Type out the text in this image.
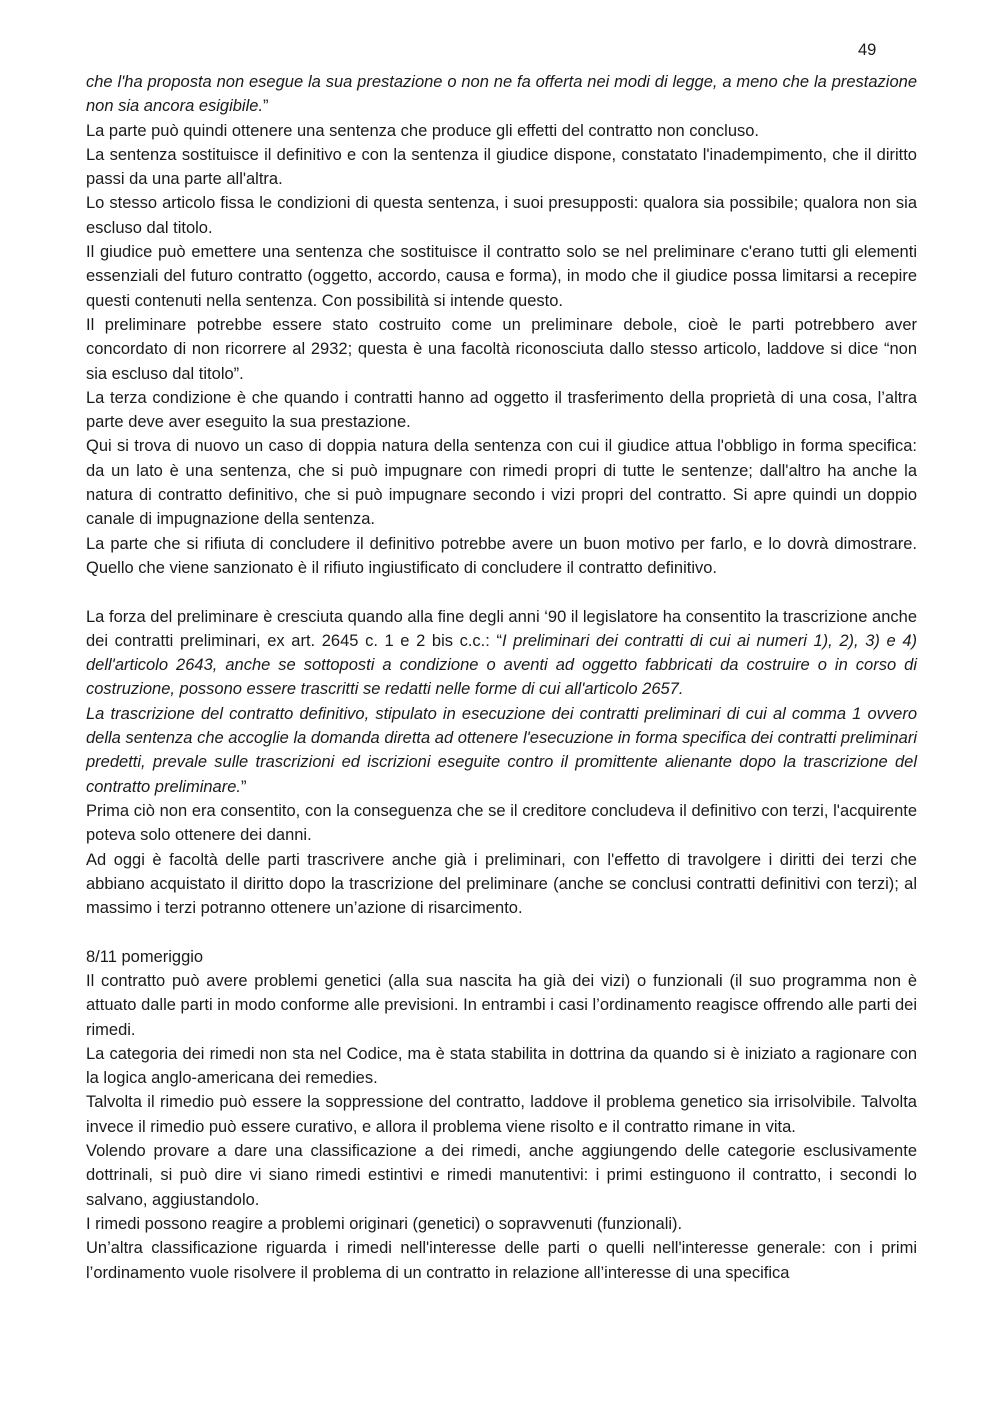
49

che l'ha proposta non esegue la sua prestazione o non ne fa offerta nei modi di legge, a meno che la prestazione non sia ancora esigibile.”

La parte può quindi ottenere una sentenza che produce gli effetti del contratto non concluso.

La sentenza sostituisce il definitivo e con la sentenza il giudice dispone, constatato l'inadempimento, che il diritto passi da una parte all'altra.

Lo stesso articolo fissa le condizioni di questa sentenza, i suoi presupposti: qualora sia possibile; qualora non sia escluso dal titolo.

Il giudice può emettere una sentenza che sostituisce il contratto solo se nel preliminare c'erano tutti gli elementi essenziali del futuro contratto (oggetto, accordo, causa e forma), in modo che il giudice possa limitarsi a recepire questi contenuti nella sentenza. Con possibilità si intende questo.

Il preliminare potrebbe essere stato costruito come un preliminare debole, cioè le parti potrebbero aver concordato di non ricorrere al 2932; questa è una facoltà riconosciuta dallo stesso articolo, laddove si dice “non sia escluso dal titolo”.

La terza condizione è che quando i contratti hanno ad oggetto il trasferimento della proprietà di una cosa, l’altra parte deve aver eseguito la sua prestazione.

Qui si trova di nuovo un caso di doppia natura della sentenza con cui il giudice attua l'obbligo in forma specifica: da un lato è una sentenza, che si può impugnare con rimedi propri di tutte le sentenze; dall'altro ha anche la natura di contratto definitivo, che si può impugnare secondo i vizi propri del contratto. Si apre quindi un doppio canale di impugnazione della sentenza.

La parte che si rifiuta di concludere il definitivo potrebbe avere un buon motivo per farlo, e lo dovrà dimostrare. Quello che viene sanzionato è il rifiuto ingiustificato di concludere il contratto definitivo.

La forza del preliminare è cresciuta quando alla fine degli anni ‘90 il legislatore ha consentito la trascrizione anche dei contratti preliminari, ex art. 2645 c. 1 e 2 bis c.c.: “I preliminari dei contratti di cui ai numeri 1), 2), 3) e 4) dell'articolo 2643, anche se sottoposti a condizione o aventi ad oggetto fabbricati da costruire o in corso di costruzione, possono essere trascritti se redatti nelle forme di cui all'articolo 2657.

La trascrizione del contratto definitivo, stipulato in esecuzione dei contratti preliminari di cui al comma 1 ovvero della sentenza che accoglie la domanda diretta ad ottenere l'esecuzione in forma specifica dei contratti preliminari predetti, prevale sulle trascrizioni ed iscrizioni eseguite contro il promittente alienante dopo la trascrizione del contratto preliminare.”

Prima ciò non era consentito, con la conseguenza che se il creditore concludeva il definitivo con terzi, l'acquirente poteva solo ottenere dei danni.

Ad oggi è facoltà delle parti trascrivere anche già i preliminari, con l'effetto di travolgere i diritti dei terzi che abbiano acquistato il diritto dopo la trascrizione del preliminare (anche se conclusi contratti definitivi con terzi); al massimo i terzi potranno ottenere un’azione di risarcimento.

8/11 pomeriggio

Il contratto può avere problemi genetici (alla sua nascita ha già dei vizi) o funzionali (il suo programma non è attuato dalle parti in modo conforme alle previsioni. In entrambi i casi l’ordinamento reagisce offrendo alle parti dei rimedi.

La categoria dei rimedi non sta nel Codice, ma è stata stabilita in dottrina da quando si è iniziato a ragionare con la logica anglo-americana dei remedies.

Talvolta il rimedio può essere la soppressione del contratto, laddove il problema genetico sia irrisolvibile. Talvolta invece il rimedio può essere curativo, e allora il problema viene risolto e il contratto rimane in vita.

Volendo provare a dare una classificazione a dei rimedi, anche aggiungendo delle categorie esclusivamente dottrinali, si può dire vi siano rimedi estintivi e rimedi manutentivi: i primi estinguono il contratto, i secondi lo salvano, aggiustandolo.

I rimedi possono reagire a problemi originari (genetici) o sopravvenuti (funzionali).

Un’altra classificazione riguarda i rimedi nell'interesse delle parti o quelli nell'interesse generale: con i primi l’ordinamento vuole risolvere il problema di un contratto in relazione all’interesse di una specifica
